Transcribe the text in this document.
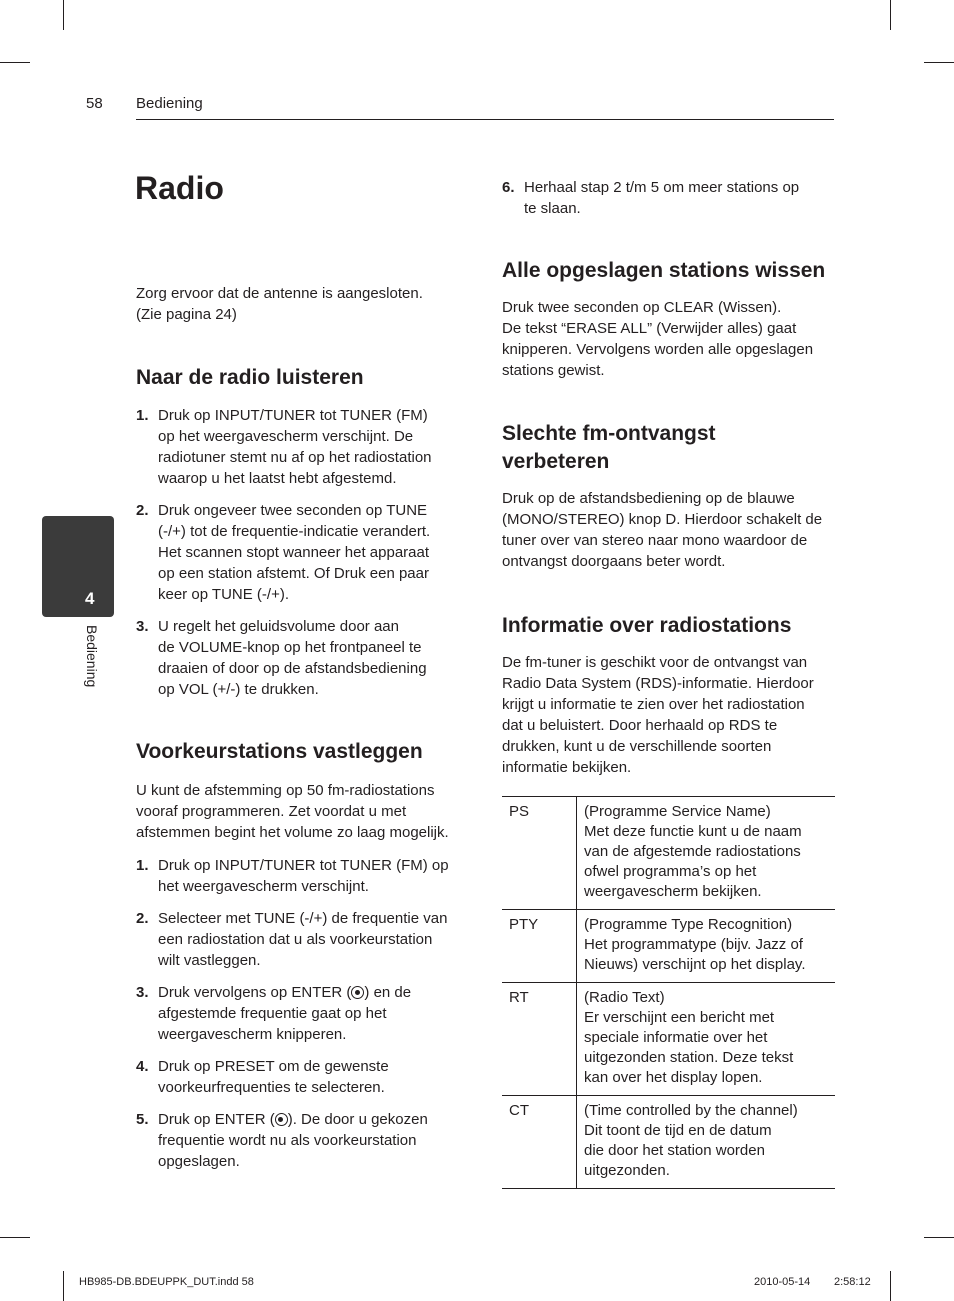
58 Bediening
Radio
4
Bediening

Zorg ervoor dat de antenne is aangesloten.

(Zie pagina 24)

Naar de radio luisteren
1. Druk op INPUT/TUNER tot TUNER (FM)

op het weergavescherm verschijnt. De

radiotuner stemt nu af op het radiostation

waarop u het laatst hebt afgestemd.

2. Druk ongeveer twee seconden op TUNE

(-/+) tot de frequentie-indicatie verandert.

Het scannen stopt wanneer het apparaat

op een station afstemt. Of Druk een paar

keer op TUNE (-/+).

3. U regelt het geluidsvolume door aan

de VOLUME-knop op het frontpaneel te

draaien of door op de afstandsbediening

op VOL (+/-) te drukken.

Voorkeurstations vastleggen

U kunt de afstemming op 50 fm-radiostations

vooraf programmeren. Zet voordat u met

afstemmen begint het volume zo laag mogelijk.

1. Druk op INPUT/TUNER tot TUNER (FM) op

het weergavescherm verschijnt.

2. Selecteer met TUNE (-/+) de frequentie van

een radiostation dat u als voorkeurstation

wilt vastleggen.

3. Druk vervolgens op ENTER ( ) en de

afgestemde frequentie gaat op het

weergavescherm knipperen.

4. Druk op PRESET om de gewenste

voorkeurfrequenties te selecteren.

5. Druk op ENTER ( ). De door u gekozen

frequentie wordt nu als voorkeurstation

opgeslagen.

6. Herhaal stap 2 t/m 5 om meer stations op

te slaan.

Alle opgeslagen stations wissen

Druk twee seconden op CLEAR (Wissen).

De tekst “ERASE ALL” (Verwijder alles) gaat

knipperen. Vervolgens worden alle opgeslagen

stations gewist.

Slechte fm-ontvangst
verbeteren

Druk op de afstandsbediening op de blauwe

(MONO/STEREO) knop D. Hierdoor schakelt de

tuner over van stereo naar mono waardoor de

ontvangst doorgaans beter wordt.

Informatie over radiostations

De fm-tuner is geschikt voor de ontvangst van

Radio Data System (RDS)-informatie. Hierdoor

krijgt u informatie te zien over het radiostation

dat u beluistert. Door herhaald op RDS te

drukken, kunt u de verschillende soorten

informatie bekijken.

PS	(Programme Service Name)
Met deze functie kunt u de naam
van de afgestemde radiostations
ofwel programma’s op het
weergavescherm bekijken.

PTY	(Programme Type Recognition)
Het programmatype (bijv. Jazz of
Nieuws) verschijnt op het display.

RT	(Radio Text)
Er verschijnt een bericht met
speciale informatie over het
uitgezonden station. Deze tekst
kan over het display lopen.

CT	(Time controlled by the channel)
Dit toont de tijd en de datum
die door het station worden
uitgezonden.
HB985-DB.BDEUPPK_DUT.indd 58	2010-05-14 2:58:12
